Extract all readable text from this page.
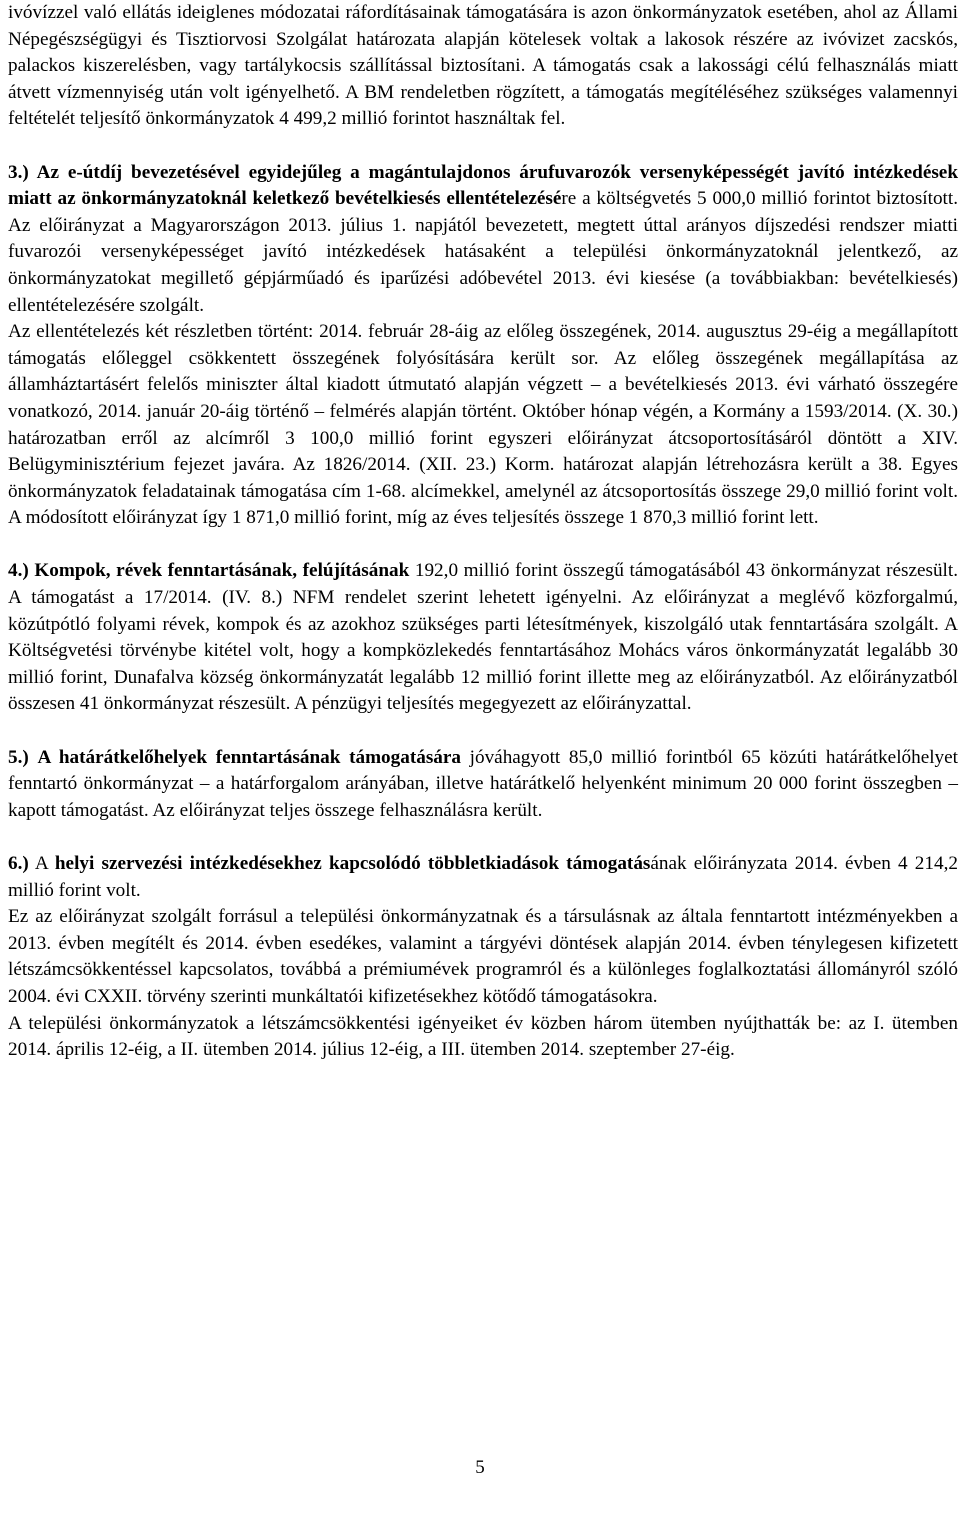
ivóvízzel való ellátás ideiglenes módozatai ráfordításainak támogatására is azon önkormányzatok esetében, ahol az Állami Népegészségügyi és Tisztiorvosi Szolgálat határozata alapján kötelesek voltak a lakosok részére az ivóvizet zacskós, palackos kiszerelésben, vagy tartálykocsis szállítással biztosítani. A támogatás csak a lakossági célú felhasználás miatt átvett vízmennyiség után volt igényelhető. A BM rendeletben rögzített, a támogatás megítéléséhez szükséges valamennyi feltételét teljesítő önkormányzatok 4 499,2 millió forintot használtak fel.

3.) Az e-útdíj bevezetésével egyidejűleg a magántulajdonos árufuvarozók versenyképességét javító intézkedések miatt az önkormányzatoknál keletkező bevételkiesés ellentételezésére a költségvetés 5 000,0 millió forintot biztosított. Az előirányzat a Magyarországon 2013. július 1. napjától bevezetett, megtett úttal arányos díjszedési rendszer miatti fuvarozói versenyképességet javító intézkedések hatásaként a települési önkormányzatoknál jelentkező, az önkormányzatokat megillető gépjárműadó és iparűzési adóbevétel 2013. évi kiesése (a továbbiakban: bevételkiesés) ellentételezésére szolgált.

Az ellentételezés két részletben történt: 2014. február 28-áig az előleg összegének, 2014. augusztus 29-éig a megállapított támogatás előleggel csökkentett összegének folyósítására került sor. Az előleg összegének megállapítása az államháztartásért felelős miniszter által kiadott útmutató alapján végzett – a bevételkiesés 2013. évi várható összegére vonatkozó, 2014. január 20-áig történő – felmérés alapján történt. Október hónap végén, a Kormány a 1593/2014. (X. 30.) határozatban erről az alcímről 3 100,0 millió forint egyszeri előirányzat átcsoportosításáról döntött a XIV. Belügyminisztérium fejezet javára. Az 1826/2014. (XII. 23.) Korm. határozat alapján létrehozásra került a 38. Egyes önkormányzatok feladatainak támogatása cím 1-68. alcímekkel, amelynél az átcsoportosítás összege 29,0 millió forint volt. A módosított előirányzat így 1 871,0 millió forint, míg az éves teljesítés összege 1 870,3 millió forint lett.

4.) Kompok, révek fenntartásának, felújításának 192,0 millió forint összegű támogatásából 43 önkormányzat részesült. A támogatást a 17/2014. (IV. 8.) NFM rendelet szerint lehetett igényelni. Az előirányzat a meglévő közforgalmú, közútpótló folyami révek, kompok és az azokhoz szükséges parti létesítmények, kiszolgáló utak fenntartására szolgált. A Költségvetési törvénybe kitétel volt, hogy a kompközlekedés fenntartásához Mohács város önkormányzatát legalább 30 millió forint, Dunafalva község önkormányzatát legalább 12 millió forint illette meg az előirányzatból. Az előirányzatból összesen 41 önkormányzat részesült. A pénzügyi teljesítés megegyezett az előirányzattal.

5.) A határátkelőhelyek fenntartásának támogatására jóváhagyott 85,0 millió forintból 65 közúti határátkelőhelyet fenntartó önkormányzat – a határforgalom arányában, illetve határátkelő helyenként minimum 20 000 forint összegben – kapott támogatást. Az előirányzat teljes összege felhasználásra került.

6.) A helyi szervezési intézkedésekhez kapcsolódó többletkiadások támogatásának előirányzata 2014. évben 4 214,2 millió forint volt.

Ez az előirányzat szolgált forrásul a települési önkormányzatnak és a társulásnak az általa fenntartott intézményekben a 2013. évben megítélt és 2014. évben esedékes, valamint a tárgyévi döntések alapján 2014. évben ténylegesen kifizetett létszámcsökkentéssel kapcsolatos, továbbá a prémiumévek programról és a különleges foglalkoztatási állományról szóló 2004. évi CXXII. törvény szerinti munkáltatói kifizetésekhez kötődő támogatásokra.

A települési önkormányzatok a létszámcsökkentési igényeiket év közben három ütemben nyújthatták be: az I. ütemben 2014. április 12-éig, a II. ütemben 2014. július 12-éig, a III. ütemben 2014. szeptember 27-éig.

5
